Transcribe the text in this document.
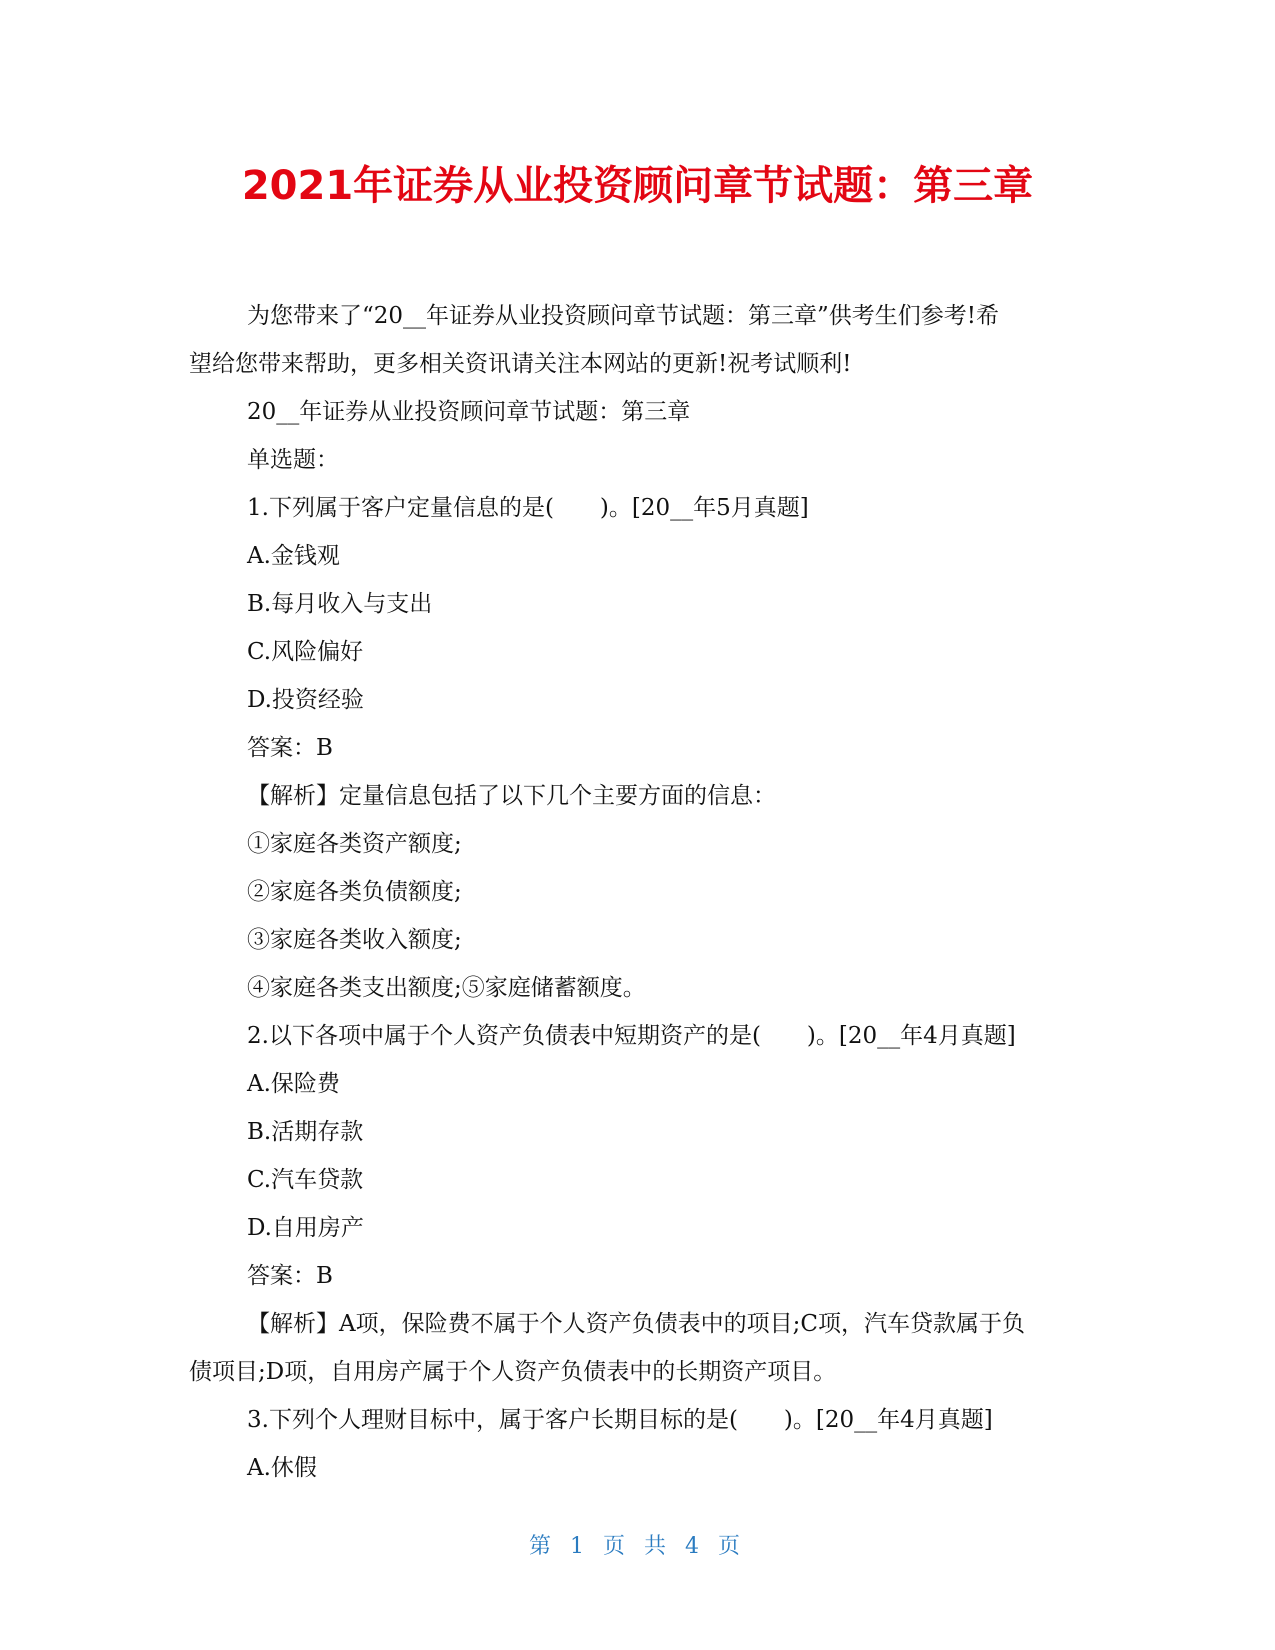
2021年证券从业投资顾问章节试题：第三章

为您带来了“20__年证券从业投资顾问章节试题：第三章”供考生们参考!希

望给您带来帮助，更多相关资讯请关注本网站的更新!祝考试顺利!

20__年证券从业投资顾问章节试题：第三章

单选题：

1.下列属于客户定量信息的是(　　)。[20__年5月真题]

A.金钱观

B.每月收入与支出

C.风险偏好

D.投资经验

答案：B

【解析】定量信息包括了以下几个主要方面的信息：

①家庭各类资产额度;

②家庭各类负债额度;

③家庭各类收入额度;

④家庭各类支出额度;⑤家庭储蓄额度。

2.以下各项中属于个人资产负债表中短期资产的是(　　)。[20__年4月真题]

A.保险费

B.活期存款

C.汽车贷款

D.自用房产

答案：B

【解析】A项，保险费不属于个人资产负债表中的项目;C项，汽车贷款属于负

债项目;D项，自用房产属于个人资产负债表中的长期资产项目。

3.下列个人理财目标中，属于客户长期目标的是(　　)。[20__年4月真题]

A.休假

第 1 页 共 4 页
